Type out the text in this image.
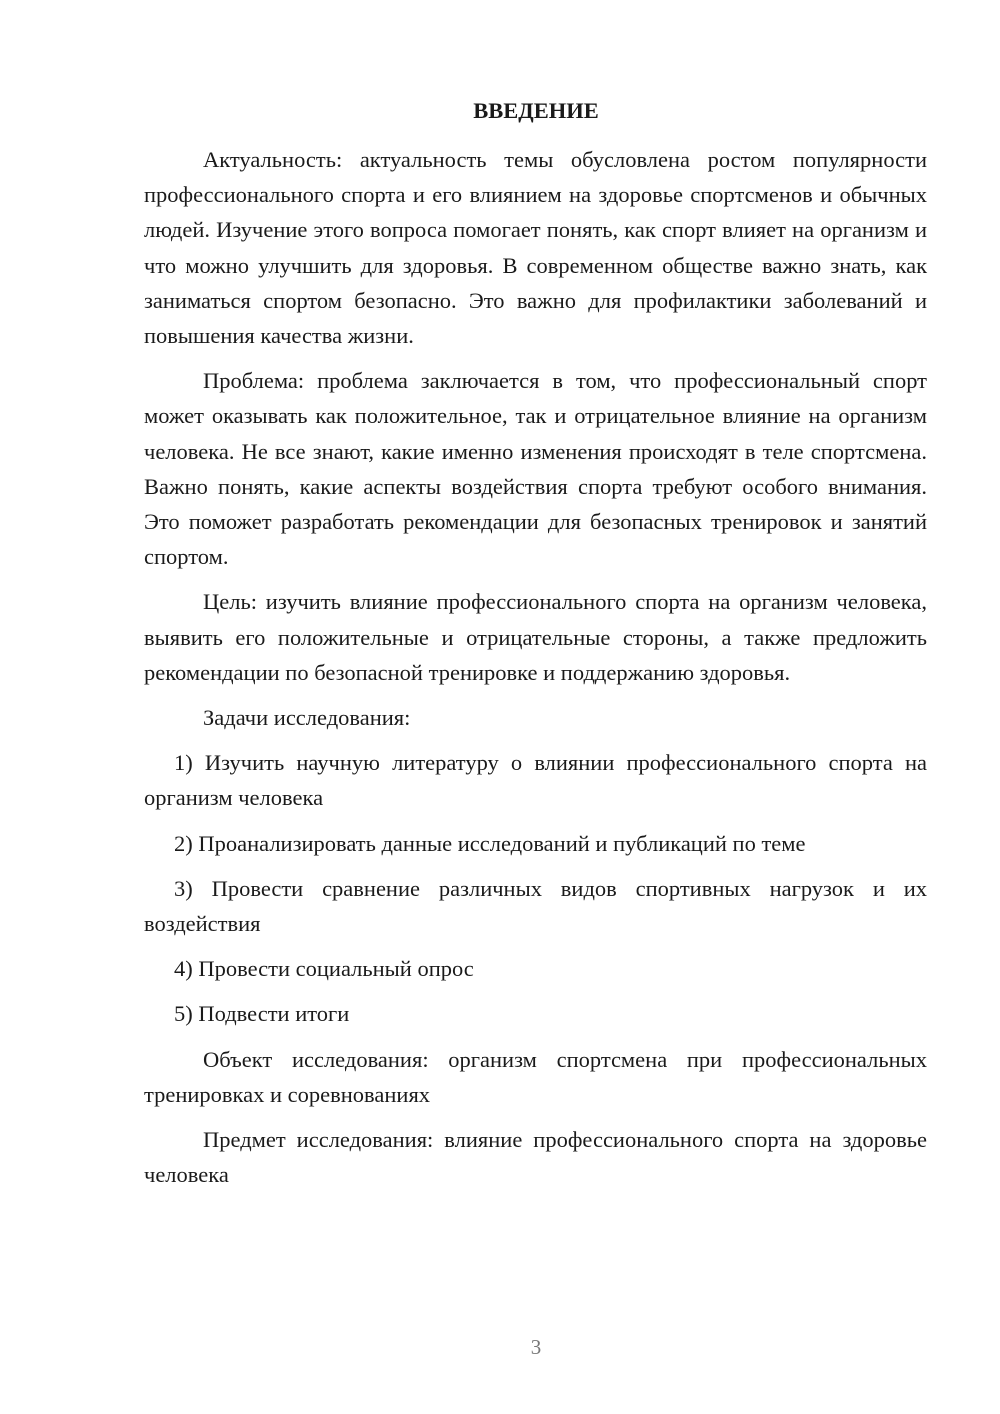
ВВЕДЕНИЕ

Актуальность: актуальность темы обусловлена ростом популярности профессионального спорта и его влиянием на здоровье спортсменов и обычных людей. Изучение этого вопроса помогает понять, как спорт влияет на организм и что можно улучшить для здоровья. В современном обществе важно знать, как заниматься спортом безопасно. Это важно для профилактики заболеваний и повышения качества жизни.

Проблема: проблема заключается в том, что профессиональный спорт может оказывать как положительное, так и отрицательное влияние на организм человека. Не все знают, какие именно изменения происходят в теле спортсмена. Важно понять, какие аспекты воздействия спорта требуют особого внимания. Это поможет разработать рекомендации для безопасных тренировок и занятий спортом.

Цель: изучить влияние профессионального спорта на организм человека, выявить его положительные и отрицательные стороны, а также предложить рекомендации по безопасной тренировке и поддержанию здоровья.

Задачи исследования:

1) Изучить научную литературу о влиянии профессионального спорта на организм человека

2) Проанализировать данные исследований и публикаций по теме

3) Провести сравнение различных видов спортивных нагрузок и их воздействия

4) Провести социальный опрос

5) Подвести итоги

Объект исследования: организм спортсмена при профессиональных тренировках и соревнованиях

Предмет исследования: влияние профессионального спорта на здоровье человека

3
